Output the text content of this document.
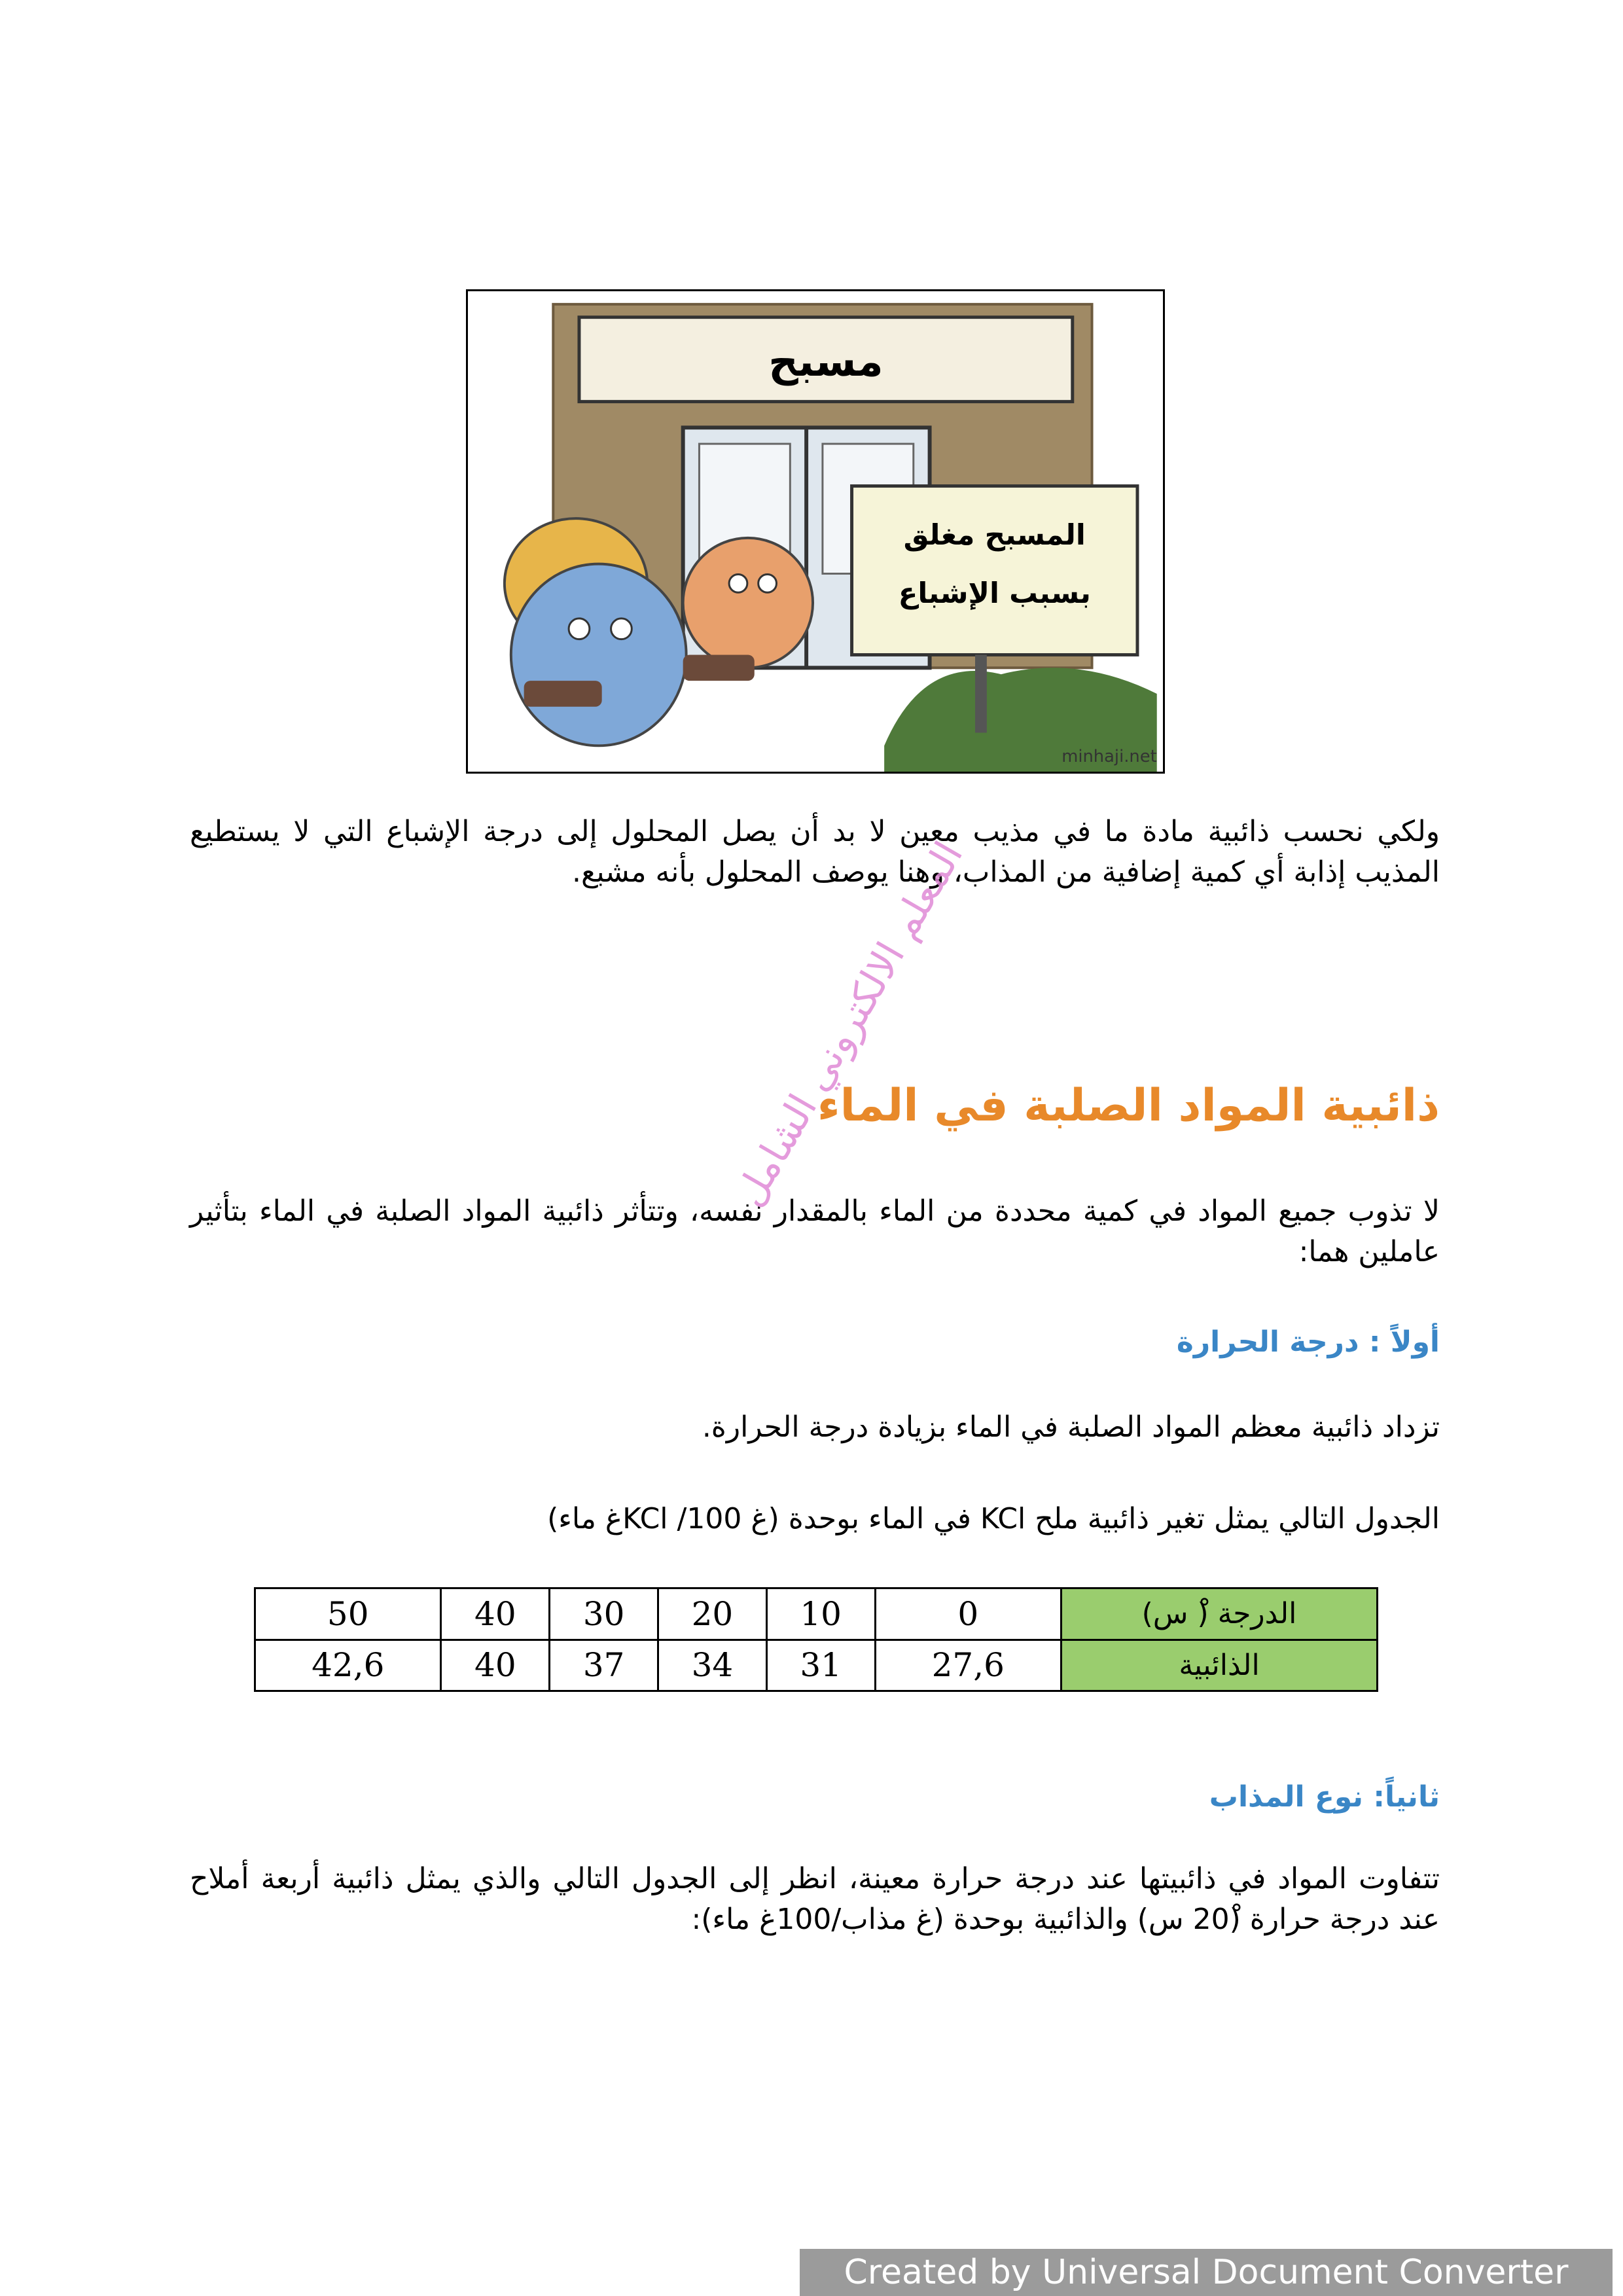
مسبح
المسبح مغلق
بسبب الإشباع
minhaji.net
ولكي نحسب ذائبية مادة ما في مذيب معين لا بد أن يصل المحلول إلى درجة الإشباع التي لا يستطيع المذيب إذابة أي كمية إضافية من المذاب، وهنا يوصف المحلول بأنه مشبع.
ذائبية المواد الصلبة في الماء
لا تذوب جميع المواد في كمية محددة من الماء بالمقدار نفسه، وتتأثر ذائبية المواد الصلبة في الماء بتأثير عاملين هما:
أولاً : درجة الحرارة
تزداد ذائبية معظم المواد الصلبة في الماء بزيادة درجة الحرارة.
الجدول التالي يمثل تغير ذائبية ملح KCl في الماء بوحدة (غ KCl /100غ ماء)
الدرجة (ْ س)	0	10	20	30	40	50
الذائبية	27,6	31	34	37	40	42,6
ثانياً: نوع المذاب
تتفاوت المواد في ذائبيتها عند درجة حرارة معينة، انظر إلى الجدول التالي والذي يمثل ذائبية أربعة أملاح عند درجة حرارة (20ْ س) والذائبية بوحدة (غ مذاب/100غ ماء):
المعلم الالكتروني الشامل
Created by Universal Document Converter
